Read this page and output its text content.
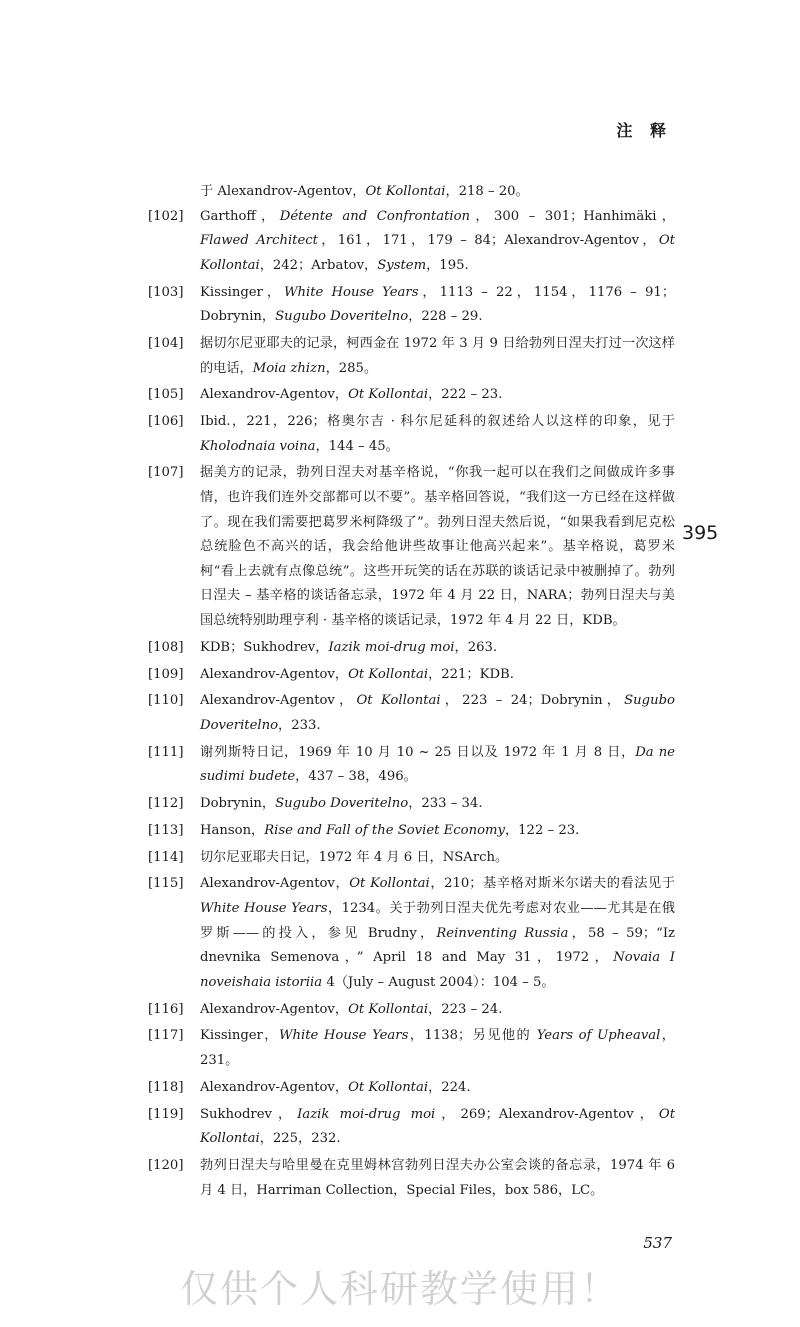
注 释
于 Alexandrov-Agentov，Ot Kollontai，218 – 20。
[102]	Garthoff，Détente and Confrontation，300 – 301；Hanhimäki，Flawed Architect，161，171，179 – 84；Alexandrov-Agentov，Ot Kollontai，242；Arbatov，System，195.
[103]	Kissinger，White House Years，1113 – 22，1154，1176 – 91；Dobrynin，Sugubo Doveritelno，228 – 29.
[104]	据切尔尼亚耶夫的记录，柯西金在 1972 年 3 月 9 日给勃列日涅夫打过一次这样的电话，Moia zhizn，285。
[105]	Alexandrov-Agentov，Ot Kollontai，222 – 23.
[106]	Ibid.，221，226；格奥尔吉 · 科尔尼延科的叙述给人以这样的印象，见于 Kholodnaia voina，144 – 45。
[107]	据美方的记录，勃列日涅夫对基辛格说，“你我一起可以在我们之间做成许多事情，也许我们连外交部都可以不要”。基辛格回答说，“我们这一方已经在这样做了。现在我们需要把葛罗米柯降级了”。勃列日涅夫然后说，“如果我看到尼克松总统脸色不高兴的话，我会给他讲些故事让他高兴起来”。基辛格说，葛罗米柯“看上去就有点像总统”。这些开玩笑的话在苏联的谈话记录中被删掉了。勃列日涅夫 – 基辛格的谈话备忘录，1972 年 4 月 22 日，NARA；勃列日涅夫与美国总统特别助理亨利 · 基辛格的谈话记录，1972 年 4 月 22 日，KDB。
[108]	KDB；Sukhodrev，Iazik moi-drug moi，263.
[109]	Alexandrov-Agentov，Ot Kollontai，221；KDB.
[110]	Alexandrov-Agentov，Ot Kollontai，223 – 24；Dobrynin，Sugubo Doveritelno，233.
[111]	谢列斯特日记，1969 年 10 月 10 ~ 25 日以及 1972 年 1 月 8 日，Da ne sudimi budete，437 – 38，496。
[112]	Dobrynin，Sugubo Doveritelno，233 – 34.
[113]	Hanson，Rise and Fall of the Soviet Economy，122 – 23.
[114]	切尔尼亚耶夫日记，1972 年 4 月 6 日，NSArch。
[115]	Alexandrov-Agentov，Ot Kollontai，210；基辛格对斯米尔诺夫的看法见于 White House Years，1234。关于勃列日涅夫优先考虑对农业——尤其是在俄罗斯——的投入，参见 Brudny，Reinventing Russia，58 – 59；“Iz dnevnika Semenova，” April 18 and May 31，1972，Novaia I noveishaia istoriia 4（July – August 2004）：104 – 5。
[116]	Alexandrov-Agentov，Ot Kollontai，223 – 24.
[117]	Kissinger，White House Years，1138；另见他的 Years of Upheaval，231。
[118]	Alexandrov-Agentov，Ot Kollontai，224.
[119]	Sukhodrev，Iazik moi-drug moi，269；Alexandrov-Agentov，Ot Kollontai，225，232.
[120]	勃列日涅夫与哈里曼在克里姆林宫勃列日涅夫办公室会谈的备忘录，1974 年 6 月 4 日，Harriman Collection，Special Files，box 586，LC。
395
537
仅供个人科研教学使用！
